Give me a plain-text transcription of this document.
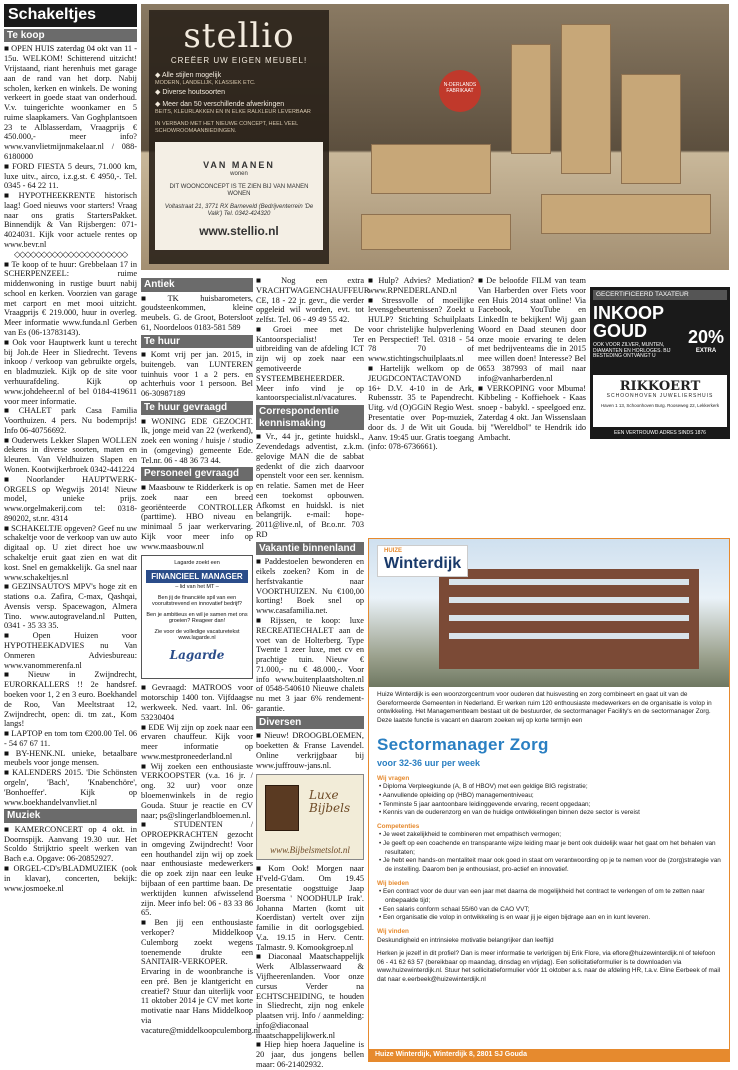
Schakeltjes
Te koop

■ OPEN HUIS zaterdag 04 okt van 11 - 15u. WELKOM! Schitterend uitzicht! Vrijstaand, riant herenhuis met garage aan de rand van het dorp. Nabij scholen, kerken en winkels. De woning verkeert in goede staat van onderhoud. V.v. tuingerichte woonkamer en 5 ruime slaapkamers. Van Goghplantsoen 23 te Alblasserdam, Vraagprijs € 450.000,- meer info? www.vanvlietmijnmakelaar.nl / 088-6180000

■ FORD FIESTA 5 deurs, 71.000 km, luxe uitv., airco, i.z.g.st. € 4950,-. Tel. 0345 - 64 22 11.

■ HYPOTHEEKRENTE historisch laag! Goed nieuws voor starters! Vraag naar ons gratis StartersPakket. Binnendijk & Van Rijsbergen: 071-4024031. Kijk voor actuele rentes op www.bevr.nl

◇◇◇◇◇◇◇◇◇◇◇◇◇◇◇◇◇◇◇◇◇

■ Te koop of te huur: Grebbelaan 17 in SCHERPENZEEL: ruime middenwoning in rustige buurt nabij school en kerken. Voorzien van garage met carport en met mooi uitzicht. Vraagprijs € 219.000, huur in overleg. Meer informatie www.funda.nl Gerben van Es (06-13783143).

■ Ook voor Hauptwerk kunt u terecht bij Joh.de Heer in Sliedrecht. Tevens inkoop / verkoop van gebruikte orgels, en bladmuziek. Kijk op de site voor verhuurafdeling. Kijk op www.johdeheer.nl of bel 0184-419611 voor meer informatie.

■ CHALET park Casa Familia Voorthuizen. 4 pers. Nu bodemprijs! Info 06-40756692.

■ Ouderwets Lekker Slapen WOLLEN dekens in diverse soorten, maten en kleuren. Van Veldhuizen Slapen en Wonen. Kootwijkerbroek 0342-441224

■ Noorlander HAUPTWERK-ORGELS op Wegwijs 2014! Nieuw model, unieke prijs. www.orgelmakerij.com tel: 0318-890202, st.nr. 4314

■ SCHAKELTJE opgeven? Geef nu uw schakeltje voor de verkoop van uw auto digitaal op. U ziet direct hoe uw schakeltje eruit gaat zien en wat dit kost. Snel en gemakkelijk. Ga snel naar www.schakeltjes.nl

■ GEZINSAUTO'S MPV's hoge zit en stations o.a. Zafira, C-max, Qashqai, Avensis versp. Spacewagon, Almera Tino. www.autograveland.nl Putten, 0341 - 35 33 35.

■ Open Huizen voor HYPOTHEEKADVIES nu Van Onmeren Adviesbureau: www.vanommerenfa.nl

■ Nieuw in Zwijndrecht, EURORKALLERS !! 2e handsref. boeken voor 1, 2 en 3 euro. Boekhandel de Roo, Van Meeltstraat 12, Zwijndrecht, open: di. tm zat., Kom langs!

■ LAPTOP en tom tom €200.00 Tel. 06 - 54 67 67 11.

■ BY-HENK.NL unieke, betaalbare meubels voor jonge mensen.

■ KALENDERS 2015. 'Die Schönsten orgeln', 'Bach', 'Knabenchöre', 'Bonhoeffer'. Kijk op www.boekhandelvanvliet.nl

Muziek

■ KAMERCONCERT op 4 okt. in Doornspijk. Aanvang 19.30 uur. Het Scoldo Strijktrio speelt werken van Bach e.a. Opgave: 06-20852927.

■ ORGEL-CD's/BLADMUZIEK (ook in klavar), concerten, bekijk: www.josmoeke.nl

N-DERLANDS FABRIKAAT
stellio
CREËER UW EIGEN MEUBEL!
◆ Alle stijlen mogelijk
MODERN, LANDELIJK, KLASSIEK ETC.
◆ Diverse houtsoorten
◆ Meer dan 50 verschillende afwerkingen
BEITS, KLEURLAKKEN EN IN ELKE RALKLEUR LEVERBAAR
IN VERBAND MET HET NIEUWE CONCEPT, HEEL VEEL SCHOWROOMAANBIEDINGEN.
VAN MANEN
wonen
DIT WOONCONCEPT IS TE ZIEN BIJ VAN MANEN WONEN
Voltastraat 21, 3771 RX Barneveld (Bedrijventerrein 'De Valk') Tel. 0342-424320
www.stellio.nl
Antiek

■ TK huisbarometers, goudsteenkommen, kleine meubels. G. de Groot, Botersloot 61, Noordeloos 0183-581 589

Te huur

■ Komt vrij per jan. 2015, in buitengeb. van LUNTEREN tuinhuis voor 1 a 2 pers. en achterhuis voor 1 persoon. Bel 06-30987189

Te huur gevraagd

■ WONING EDE GEZOCHT. Ik, jonge meid van 22 (werkend), zoek een woning / huisje / studio in (omgeving) gemeente Ede. Tel.nr. 06 - 48 36 73 44.

Personeel gevraagd

■ Maasbouw te Ridderkerk is op zoek naar een breed georiënteerde CONTROLLER (parttime). HBO niveau en minimaal 5 jaar werkervaring. Kijk voor meer info op www.maasbouw.nl

Lagarde zoekt een
FINANCIEEL MANAGER
– lid van het MT –
Ben jij de financiële spil van een vooruitstrevend en innovatief bedrijf?
Ben je ambitieus en wil je samen met ons groeien? Reageer dan!
Zie voor de volledige vacaturetekst www.lagarde.nl
Lagarde

■ Gevraagd: MATROOS voor motorschip 1400 ton. Vijfdaagse werkweek. Ned. vaart. Inl. 06-53230404

■ EDE Wij zijn op zoek naar een ervaren chauffeur. Kijk voor meer informatie op www.mestproneederland.nl

■ Wij zoeken een enthousiaste VERKOOPSTER (v.a. 16 jr. / ong. 32 uur) voor onze bloemenwinkels in de regio Gouda. Stuur je reactie en CV naar; ps@slingerlandbloemen.nl.

■ STUDENTEN / OPROEPKRACHTEN gezocht in omgeving Zwijndrecht! Voor een houthandel zijn wij op zoek naar enthousiaste medewerkers die op zoek zijn naar een leuke bijbaan of een parttime baan. De werktijden kunnen afwisselend zijn. Meer info bel: 06 - 83 33 86 65.

■ Ben jij een enthousiaste verkoper? Middelkoop Culemborg zoekt wegens toenemende drukte een SANITAIR-VERKOPER. Ervaring in de woonbranche is een pré. Ben je klantgericht en creatief? Stuur dan uiterlijk voor 11 oktober 2014 je CV met korte motivatie naar Hans Middelkoop via vacature@middelkoopculemborg.nl

■ Nog een extra VRACHTWAGENCHAUFFEUR CE, 18 - 22 jr. gevr., die verder opgeleid wil worden, evt. tot zelfst. Tel. 06 - 49 49 55 42.

■ Groei mee met De Kantoorspecialist! Ter uitbreiding van de afdeling ICT zijn wij op zoek naar een gemotiveerde SYSTEEMBEHEERDER. Meer info vind je op kantoorspecialist.nl/vacatures.

Correspondentie kennismaking

■ Vr., 44 jr., getinte huidskl., Zevendedags adventist, z.k.m. gelovige MAN die de sabbat gedenkt of die zich daarvoor openstelt voor een ser. kennism. en relatie. Samen met de Heer een toekomst opbouwen. Afkomst en huidskl. is niet belangrijk. e-mail: hope-2011@live.nl, of Br.o.nr. 703 RD

Vakantie binnenland

■ Paddestoelen bewonderen en eikels zoeken? Kom in de herfstvakantie naar VOORTHUIZEN. Nu €100,00 korting! Boek snel op www.casafamilia.net.

■ Rijssen, te koop: luxe RECREATIECHALET aan de voet van de Holterberg. Type Twente 1 zeer luxe, met cv en prachtige tuin. Nieuw € 71.000,- nu € 48.000,-. Voor info www.buitenplaatsholten.nl of 0548-540610 Nieuwe chalets nu met 3 jaar 6% rendement-garantie.

Diversen

■ Nieuw! DROOGBLOEMEN, boeketten & Franse Lavendel. Online verkrijgbaar bij www.juffrouw-jans.nl.

Luxe Bijbels
www.Bijbelsmetslot.nl

■ Kom Ook! Morgen naar H'veld-G'dam. Om 19.45 presentatie oogsttuige Jaap Boersma ' NOODHULP Irak'. Johanna Marten (komt uit Koerdistan) vertelt over zijn familie in dit oorlogsgebied. V.a. 19.15 in Herv. Centr. Talmastr. 9. Komookgroep.nl

■ Diaconaal Maatschappelijk Werk Alblasserwaard & Vijfheerenlanden. Voor onze cursus Verder na ECHTSCHEIDING, te houden in Sliedrecht, zijn nog enkele plaatsen vrij. Info / aanmelding: info@diaconaal maatschappelijkwerk.nl

■ Hiep hiep hoera Jaqueline is 20 jaar, dus jongens bellen maar: 06-21402932.

■ Hulp? Advies? Mediation? www.RPNEDERLAND.nl

■ Stressvolle of moeilijke levensgebeurtenissen? Zoekt u HULP? Stichting Schuilplaats voor christelijke hulpverlening en Perspectief! Tel. 0318 - 54 78 70 of www.stichtingschuilplaats.nl

■ Hartelijk welkom op de JEUGDCONTACTAVOND 16+ D.V. 4-10 in de Ark, Rubensstr. 35 te Papendrecht. Uitg. v/d (O)GGiN Regio West. Presentatie over Pop-muziek, door ds. J de Wit uit Gouda. Aanv. 19:45 uur. Gratis toegang (info: 078-6736661).

■ De beloofde FILM van team Van Harberden over Fiets voor een Huis 2014 staat online! Via Facebook, YouTube en LinkedIn te bekijken! Wij gaan Woord en Daad steunen door onze mooie ervaring te delen met bedrijventeams die in 2015 mee willen doen! Interesse? Bel 0653 387993 of mail naar info@vanharberden.nl

■ VERKOPING voor Mbuma! Kibbeling - Koffiehoek - Kaas snoep - babykl. - speelgoed enz. Zaterdag 4 okt. Jan Wissenslaan bij "Wereldbol" te Hendrik ido Ambacht.

GECERTIFICEERD TAXATEUR
INKOOP GOUD
OOK VOOR ZILVER, MUNTEN, DIAMANTEN EN HORLOGES. BIJ BESTEDING ONTVANGT U
20%
EXTRA
RIKKOERT
SCHOONHOVEN JUWELIERSHUIS
Haven 1 13, Schoonhoven Burg. Rooseweg 22, Lekkerkerk
EEN VERTROUWD ADRES SINDS 1876
HUIZE
Winterdijk
Huize Winterdijk is een woonzorgcentrum voor ouderen dat huisvesting en zorg combineert en gaat uit van de Gereformeerde Gemeenten in Nederland. Er werken ruim 120 enthousiaste medewerkers en de organisatie is volop in ontwikkeling. Het Managementteam bestaat uit de bestuurder, de sectormanager Facility's en de sectormanager Zorg. Deze laatste functie is vacant en daarom zoeken wij op korte termijn een
Sectormanager Zorg
voor 32-36 uur per week
Wij vragen
• Diploma Verpleegkunde (A, B of HBOV) met een geldige BIG registratie;
• Aanvullende opleiding op (HBO) managementniveau;
• Tenminste 5 jaar aantoonbare leidinggevende ervaring, recent opgedaan;
• Kennis van de ouderenzorg en van de huidige ontwikkelingen binnen deze sector is vereist
Competenties
• Je weet zakelijkheid te combineren met empathisch vermogen;
• Je geeft op een coachende en transparante wijze leiding maar je bent ook duidelijk waar het gaat om het behalen van resultaten;
• Je hebt een hands-on mentaliteit maar ook goed in staat om verantwoording op je te nemen voor de (zorg)strategie van de instelling. Daarom ben je enthousiast, pro-actief en innovatief.
Wij bieden
• Een contract voor de duur van een jaar met daarna de mogelijkheid het contract te verlengen of om te zetten naar onbepaalde tijd;
• Een salaris conform schaal 55/60 van de CAO VVT;
• Een organisatie die volop in ontwikkeling is en waar jij je eigen bijdrage aan en in kunt leveren.
Wij vinden
Deskundigheid en intrinsieke motivatie belangrijker dan leeftijd
Herken je jezelf in dit profiel? Dan is meer informatie te verkrijgen bij Erik Flore, via eflore@huizewinterdijk.nl of telefoon 06 - 41 62 63 57 (bereikbaar op maandag, dinsdag en vrijdag). Een sollicitatieformulier is te downloaden via www.huizewinterdijk.nl. Stuur het sollicitatieformulier vóór 11 oktober a.s. naar de afdeling HR, t.a.v. Eline Eerbeek of mail dat naar e.eerbeek@huizewinterdijk.nl
Huize Winterdijk, Winterdijk 8, 2801 SJ Gouda
